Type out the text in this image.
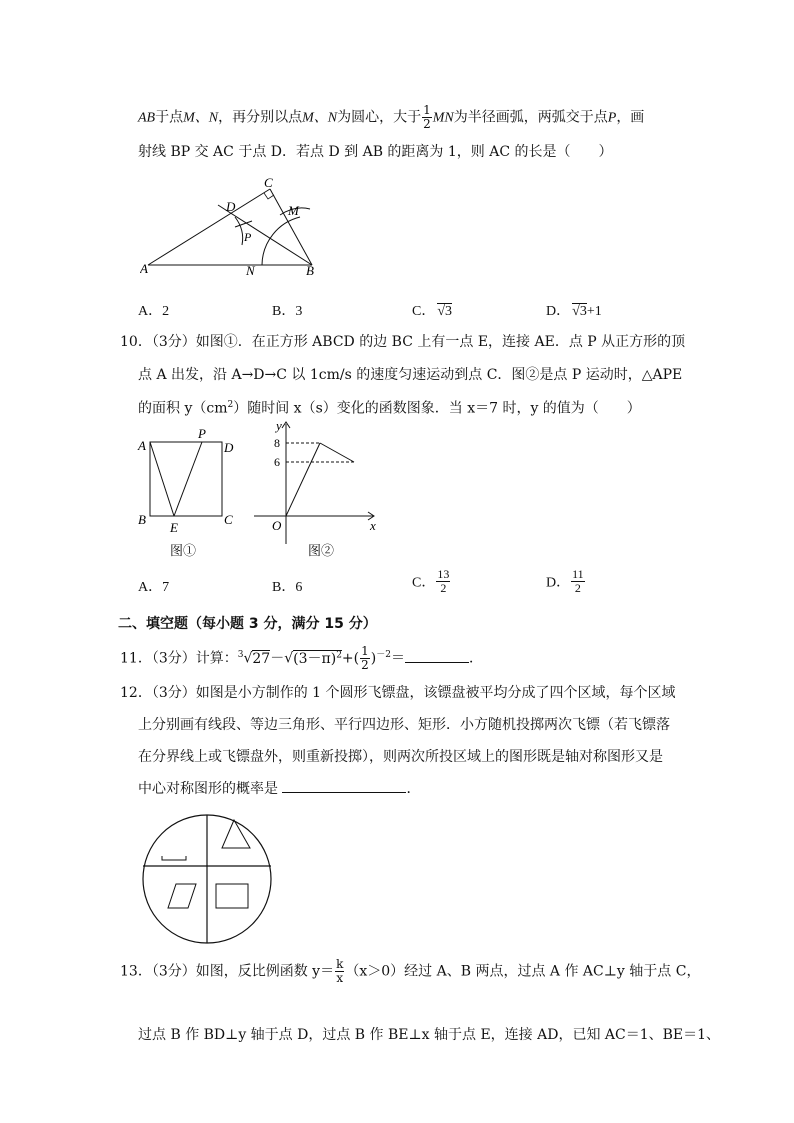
AB于点M、N，再分别以点M、N为圆心，大于 $\frac{1}{2}$ MN为半径画弧，两弧交于点P，画
射线 BP 交 AC 于点 D．若点 D 到 AB 的距离为 1，则 AC 的长是（　　）
A	B
C
D	M
N
P
A．2	B．3	C． √3	D． √3+1
10．（3分）如图①．在正方形 ABCD 的边 BC 上有一点 E，连接 AE．点 P 从正方形的顶
点 A 出发，沿 A→D→C 以 1cm/s 的速度匀速运动到点 C．图②是点 P 运动时，△APE
的面积 $y(cm^2)$随时间 x（s）变化的函数图象．当 x＝7 时，y 的值为（　　）
A
P
D
B
E
C
图①
y
x
O
8
6
图②
A．7	B．6	C． $\frac{13}{2}$	D． $\frac{11}{2}$
二、填空题（每小题 3 分，满分 15 分）
11．（3分）计算：$^3√27-√(3-\pi)^2+( \frac{1}{2} )^{-2}=$	．
12．（3分）如图是小方制作的 1 个圆形飞镖盘，该镖盘被平均分成了四个区域，每个区域
上分别画有线段、等边三角形、平行四边形、矩形．小方随机投掷两次飞镖（若飞镖落
在分界线上或飞镖盘外，则重新投掷），则两次所投区域上的图形既是轴对称图形又是
中心对称图形的概率是	．
13．（3分）如图，反比例函数 $y= \frac{k}{x} (x>0)$经过 A、B 两点，过点 A 作 AC⊥y 轴于点 C，
过点 B 作 BD⊥y 轴于点 D，过点 B 作 BE⊥x 轴于点 E，连接 AD，已知 AC＝1、BE＝1、
